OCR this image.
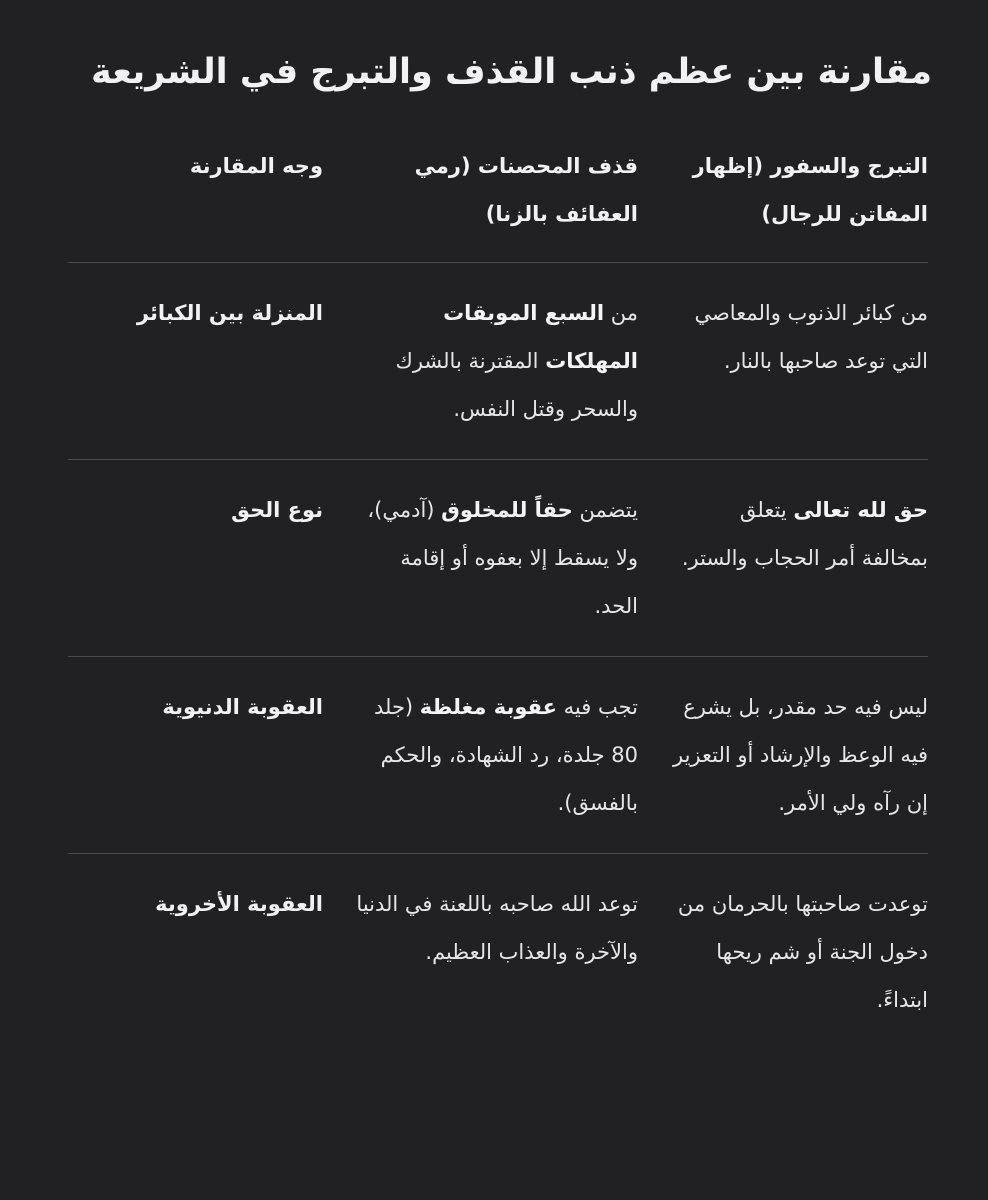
مقارنة بين عظم ذنب القذف والتبرج في الشريعة
التبرج والسفور (إظهار المفاتن للرجال)	قذف المحصنات (رمي العفائف بالزنا)	وجه المقارنة

من كبائر الذنوب والمعاصي التي توعد صاحبها بالنار.	من السبع الموبقات المهلكات المقترنة بالشرك والسحر وقتل النفس.	المنزلة بين الكبائر

حق لله تعالى يتعلق بمخالفة أمر الحجاب والستر.	يتضمن حقاً للمخلوق (آدمي)، ولا يسقط إلا بعفوه أو إقامة الحد.	نوع الحق

ليس فيه حد مقدر، بل يشرع فيه الوعظ والإرشاد أو التعزير إن رآه ولي الأمر.	تجب فيه عقوبة مغلظة (جلد 80 جلدة، رد الشهادة، والحكم بالفسق).	العقوبة الدنيوية

توعدت صاحبتها بالحرمان من دخول الجنة أو شم ريحها ابتداءً.	توعد الله صاحبه باللعنة في الدنيا والآخرة والعذاب العظيم.	العقوبة الأخروية
